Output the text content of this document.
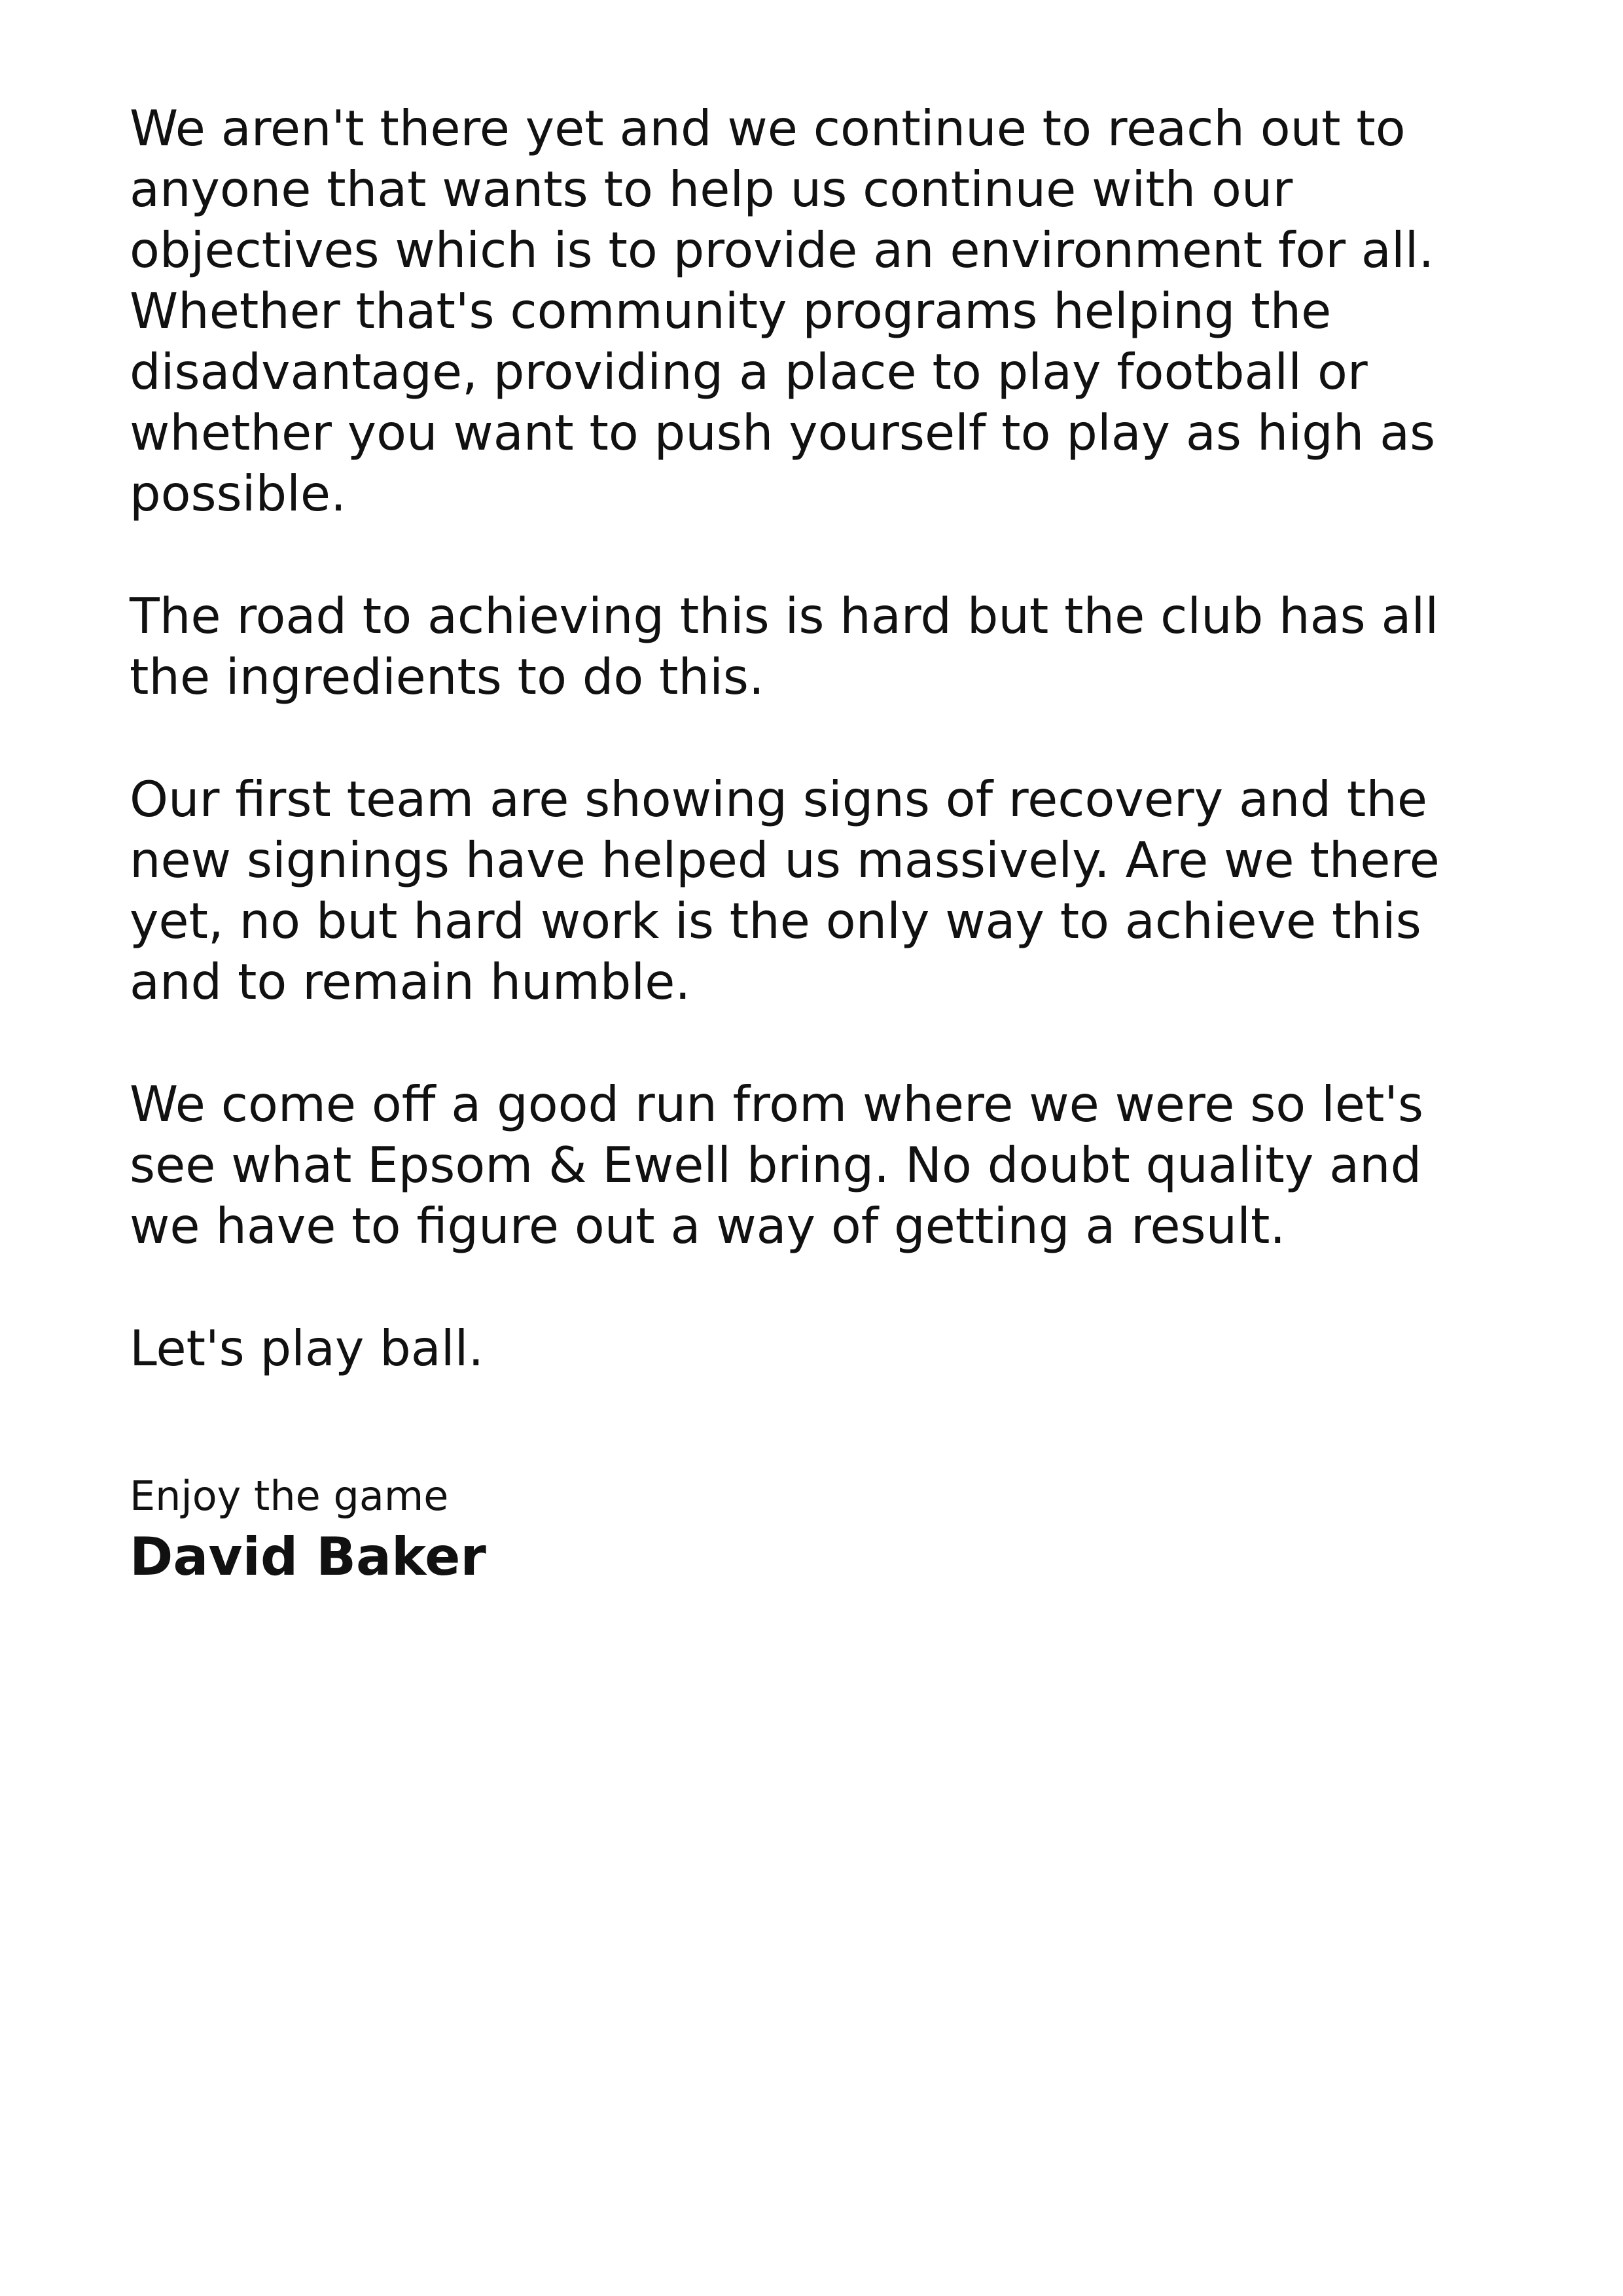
We aren't there yet and we continue to reach out to
anyone that wants to help us continue with our
objectives which is to provide an environment for all.
Whether that's community programs helping the
disadvantage, providing a place to play football or
whether you want to push yourself to play as high as
possible.

The road to achieving this is hard but the club has all
the ingredients to do this.

Our first team are showing signs of recovery and the
new signings have helped us massively. Are we there
yet, no but hard work is the only way to achieve this
and to remain humble.

We come off a good run from where we were so let's
see what Epsom & Ewell bring. No doubt quality and
we have to figure out a way of getting a result.

Let's play ball.

Enjoy the game
David Baker
